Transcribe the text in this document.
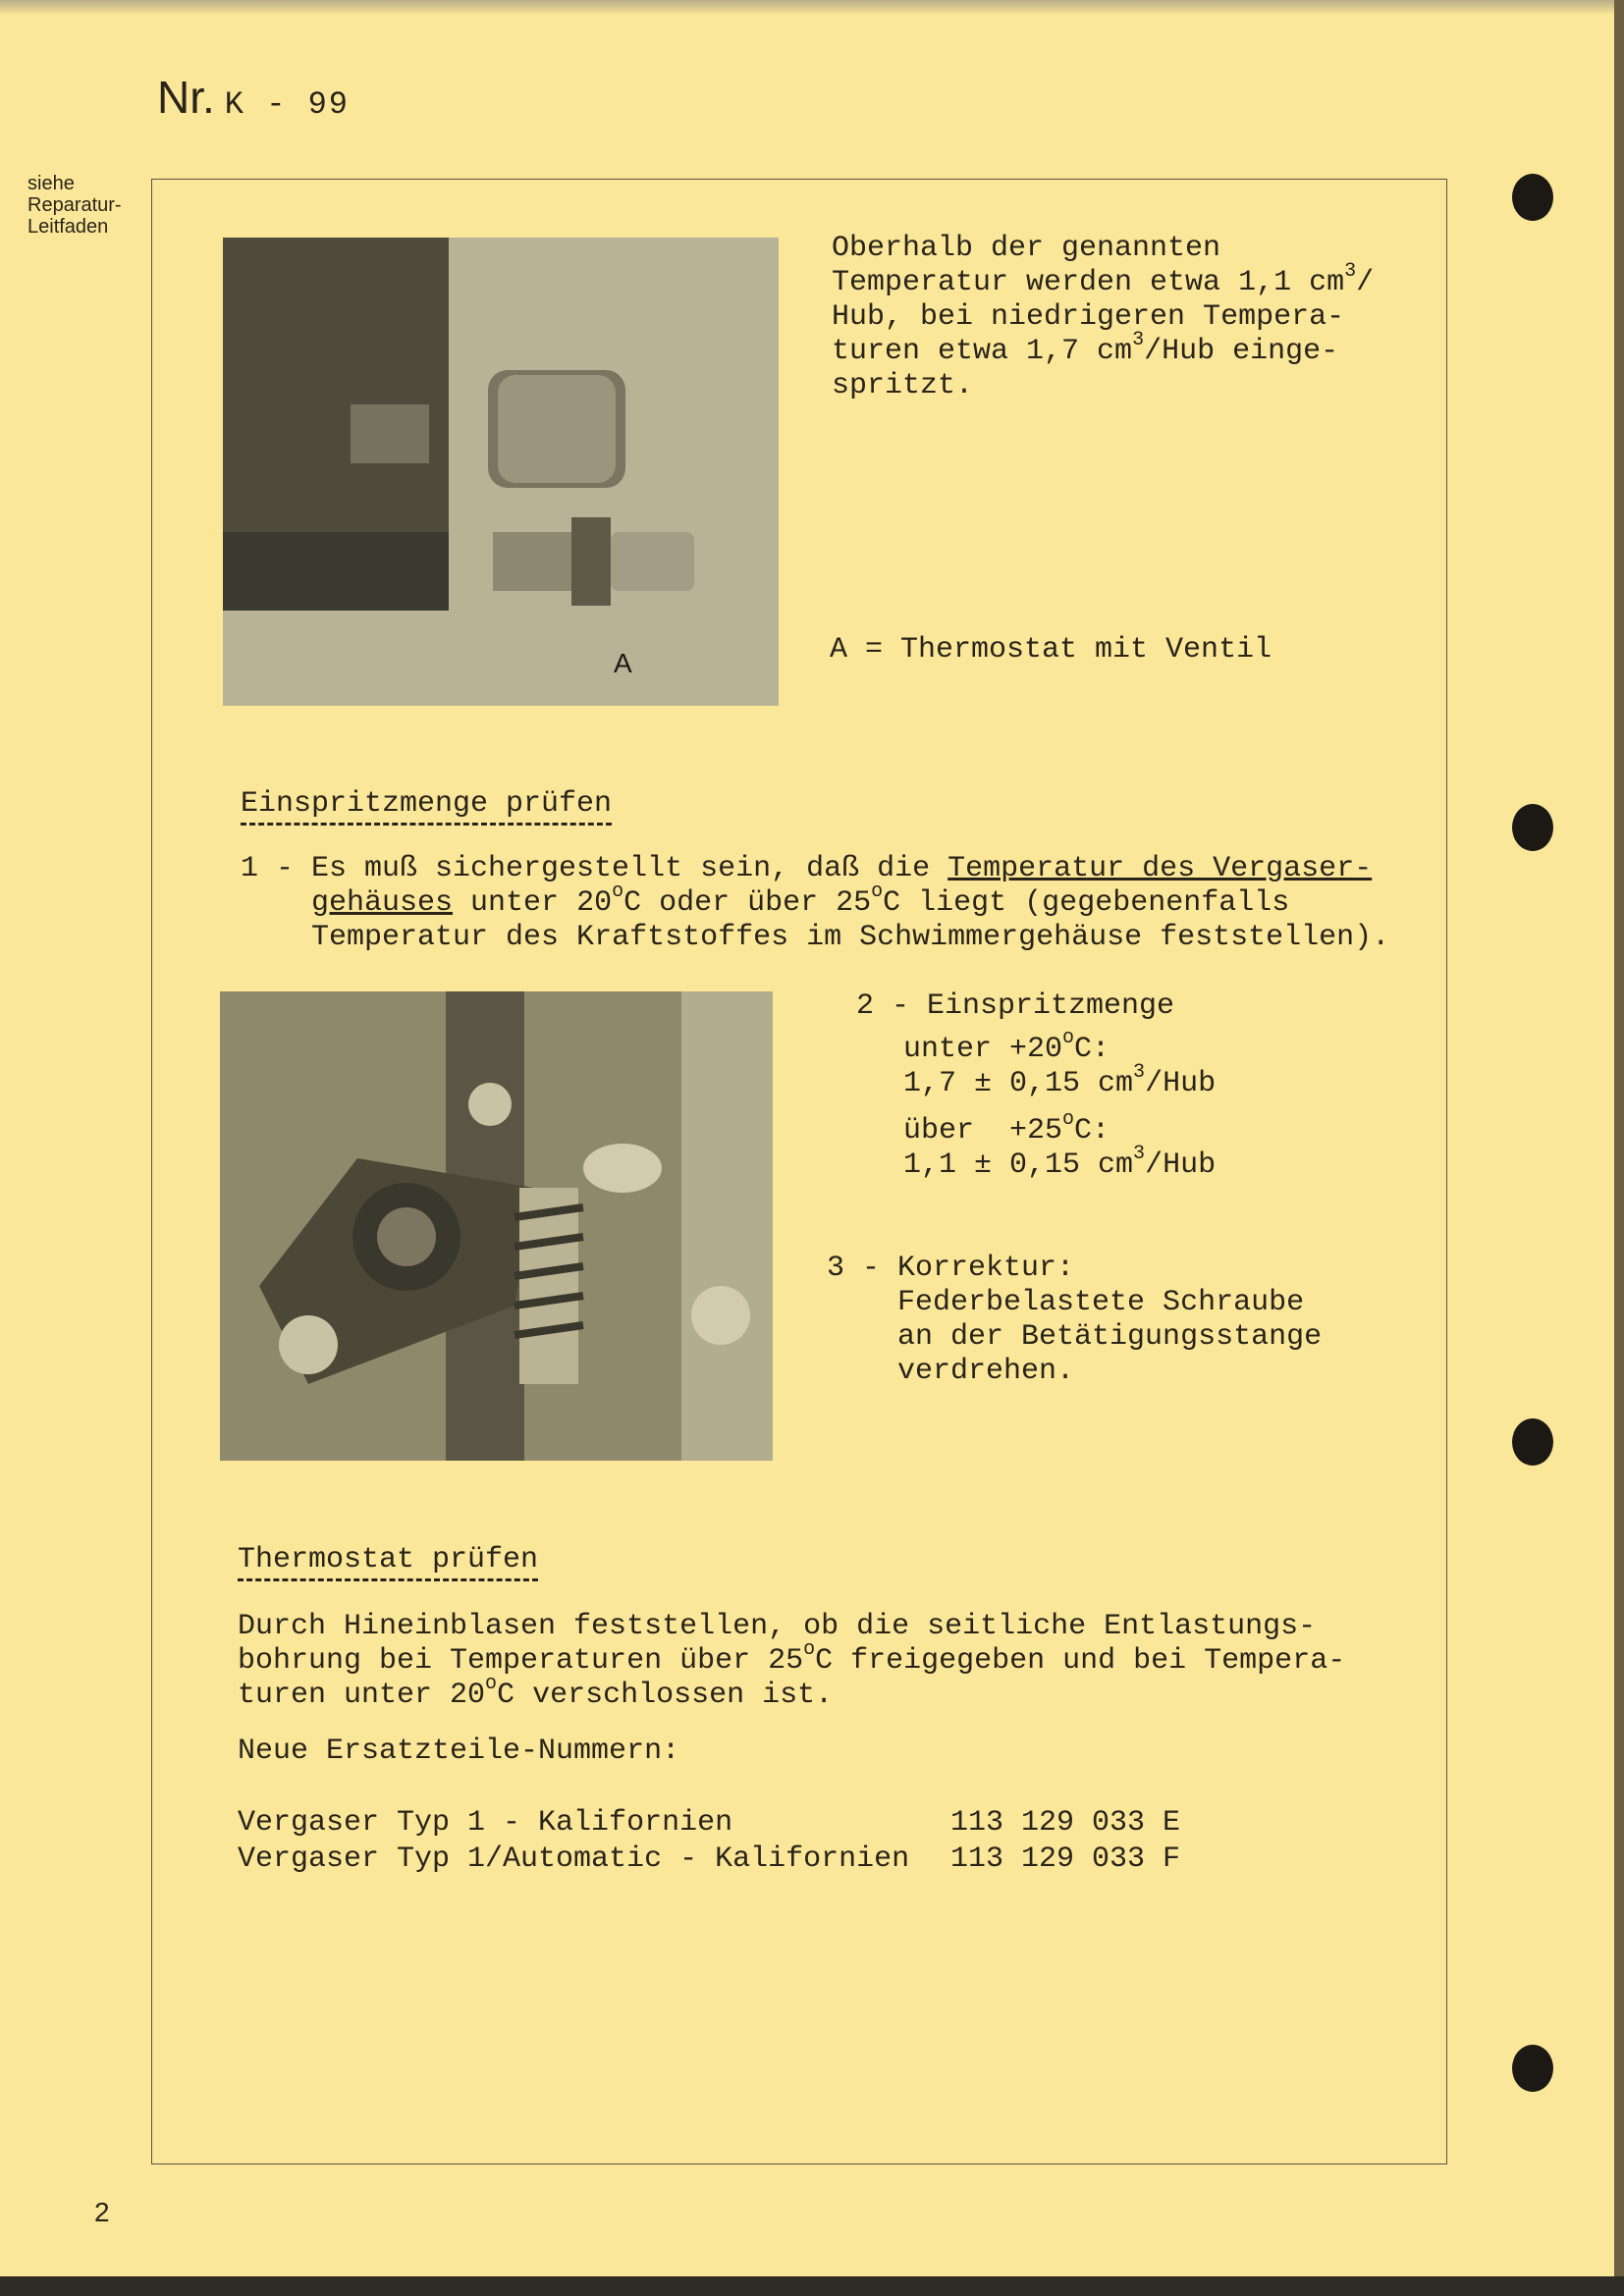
Nr. K - 99
siehe
Reparatur-
Leitfaden
A
Oberhalb der genannten
Temperatur werden etwa 1,1 $cm^3/$
Hub, bei niedrigeren Tempera-
turen etwa 1,7 $cm^3$/Hub einge-
spritzt.
A = Thermostat mit Ventil
Einspritzmenge prüfen
1 - Es muß sichergestellt sein, daß die Temperatur des Vergaser-
gehäuses unter 20$^o$C oder über 25$^o$C liegt (gegebenenfalls
Temperatur des Kraftstoffes im Schwimmergehäuse feststellen).
2 - Einspritzmenge
unter $+20^oC$:
1,7 ± 0,15 $cm^3$/Hub
über  $+25^oC$:
1,1 ± 0,15 $cm^3$/Hub
3 - Korrektur:
Federbelastete Schraube
an der Betätigungsstange
verdrehen.
Thermostat prüfen
Durch Hineinblasen feststellen, ob die seitliche Entlastungs-
bohrung bei Temperaturen über 25$^o$C freigegeben und bei Tempera-
turen unter 20$^o$C verschlossen ist.
Neue Ersatzteile-Nummern:
Vergaser Typ 1 - Kalifornien	113 129 033 E
Vergaser Typ 1/Automatic - Kalifornien 113 129 033 F
2
